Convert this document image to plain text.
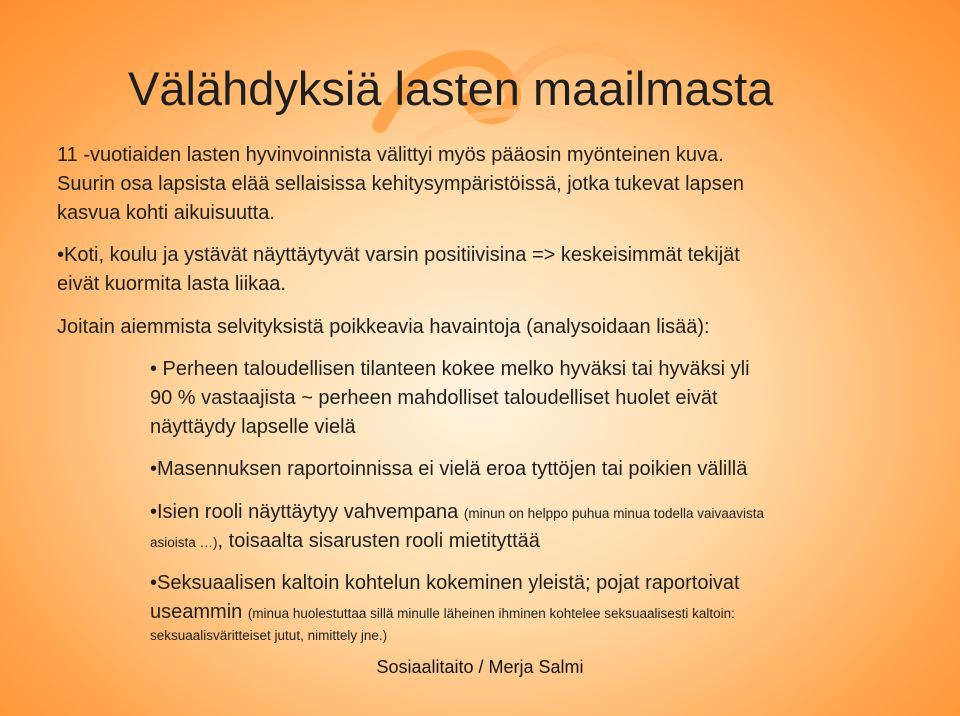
Välähdyksiä lasten maailmasta
11 -vuotiaiden lasten hyvinvoinnista välittyi myös pääosin myönteinen kuva.
Suurin osa lapsista elää sellaisissa kehitysympäristöissä, jotka tukevat lapsen
kasvua kohti aikuisuutta.
•Koti, koulu ja ystävät näyttäytyvät varsin positiivisina => keskeisimmät tekijät
eivät kuormita lasta liikaa.
Joitain aiemmista selvityksistä poikkeavia havaintoja (analysoidaan lisää):
• Perheen taloudellisen tilanteen kokee melko hyväksi tai hyväksi yli
90 % vastaajista ~ perheen mahdolliset taloudelliset huolet eivät
näyttäydy lapselle vielä
•Masennuksen raportoinnissa ei vielä eroa tyttöjen tai poikien välillä
•Isien rooli näyttäytyy vahvempana (minun on helppo puhua minua todella vaivaavista
asioista …), toisaalta sisarusten rooli mietityttää
•Seksuaalisen kaltoin kohtelun kokeminen yleistä; pojat raportoivat
useammin (minua huolestuttaa sillä minulle läheinen ihminen kohtelee seksuaalisesti kaltoin:
seksuaalisväritteiset jutut, nimittely jne.)
Sosiaalitaito / Merja Salmi
